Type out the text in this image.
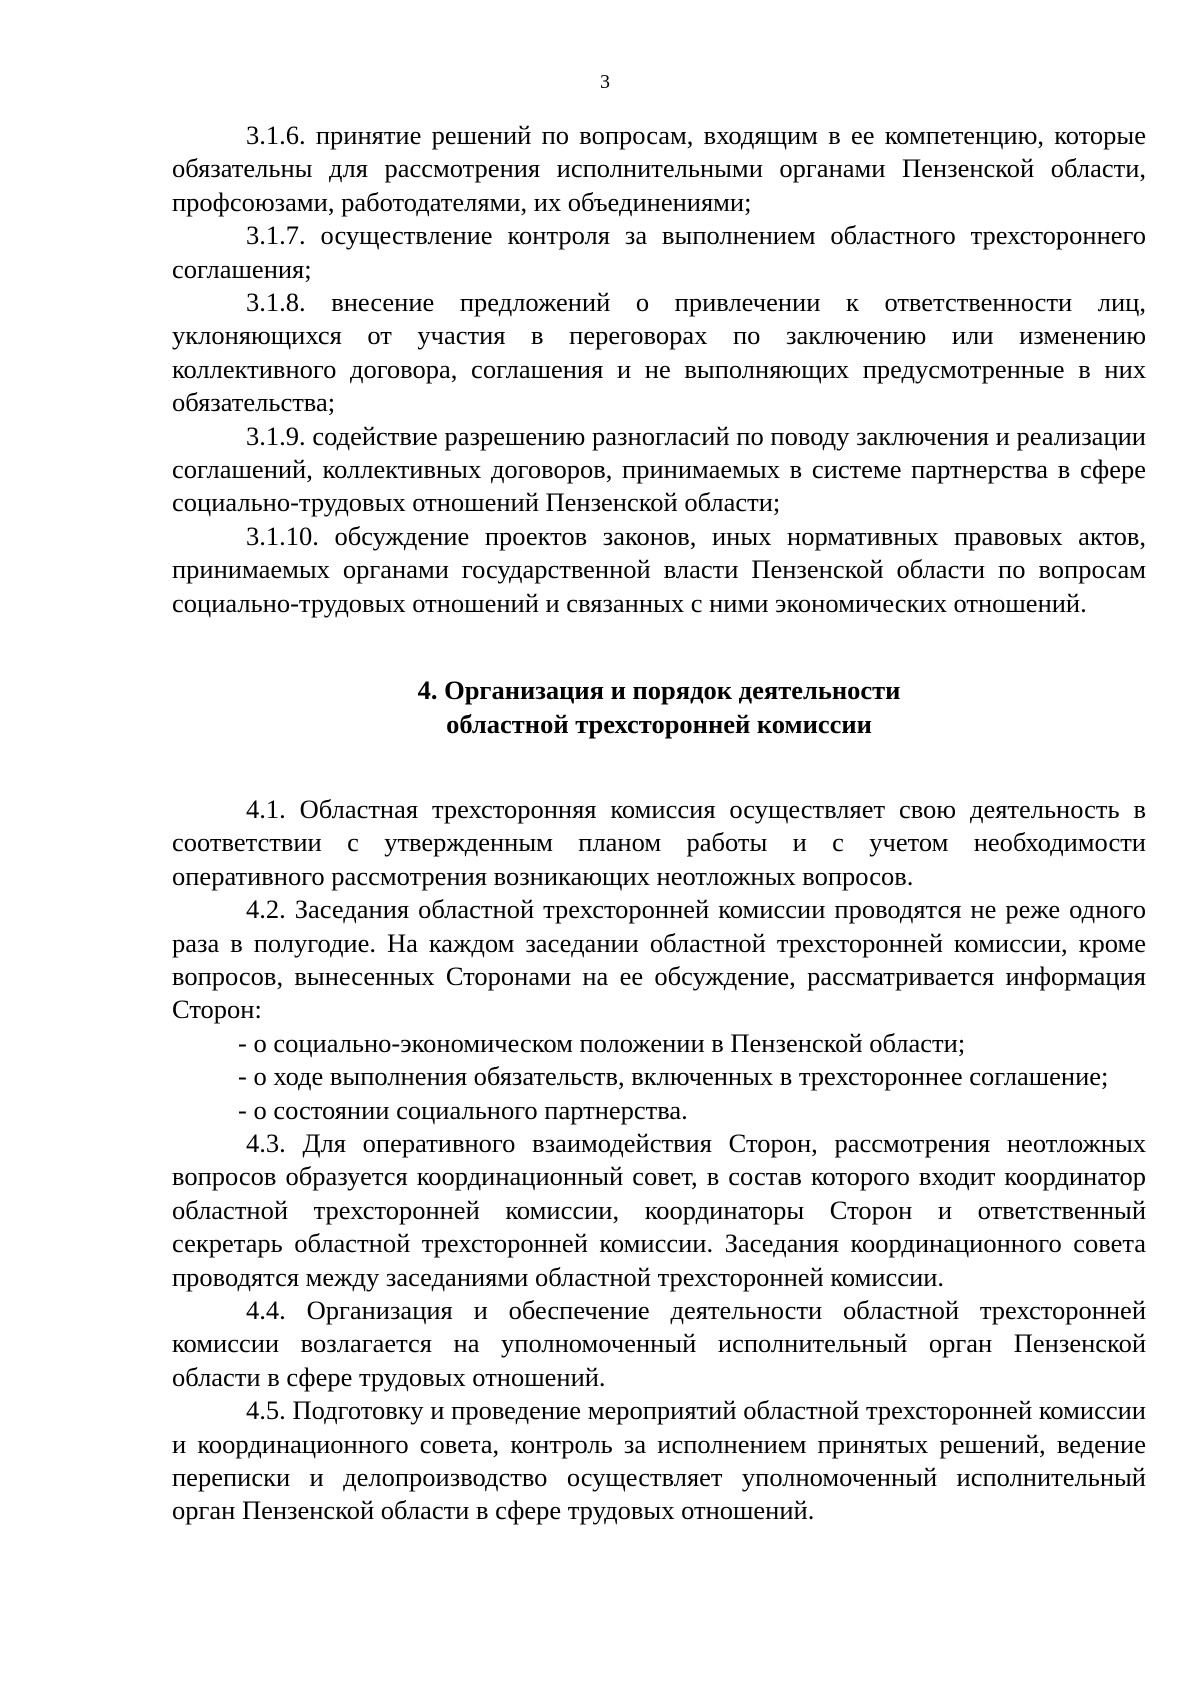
3

3.1.6. принятие решений по вопросам, входящим в ее компетенцию, которые обязательны для рассмотрения исполнительными органами Пензенской области, профсоюзами, работодателями, их объединениями;

3.1.7. осуществление контроля за выполнением областного трехстороннего соглашения;

3.1.8. внесение предложений о привлечении к ответственности лиц, уклоняющихся от участия в переговорах по заключению или изменению коллективного договора, соглашения и не выполняющих предусмотренные в них обязательства;

3.1.9. содействие разрешению разногласий по поводу заключения и реализации соглашений, коллективных договоров, принимаемых в системе партнерства в сфере социально-трудовых отношений Пензенской области;

3.1.10. обсуждение проектов законов, иных нормативных правовых актов, принимаемых органами государственной власти Пензенской области по вопросам социально-трудовых отношений и связанных с ними экономических отношений.

4. Организация и порядок деятельности
областной трехсторонней комиссии

4.1. Областная трехсторонняя комиссия осуществляет свою деятельность в соответствии с утвержденным планом работы и с учетом необходимости оперативного рассмотрения возникающих неотложных вопросов.

4.2. Заседания областной трехсторонней комиссии проводятся не реже одного раза в полугодие. На каждом заседании областной трехсторонней комиссии, кроме вопросов, вынесенных Сторонами на ее обсуждение, рассматривается информация Сторон:

- о социально-экономическом положении в Пензенской области;

- о ходе выполнения обязательств, включенных в трехстороннее соглашение;

- о состоянии социального партнерства.

4.3. Для оперативного взаимодействия Сторон, рассмотрения неотложных вопросов образуется координационный совет, в состав которого входит координатор областной трехсторонней комиссии, координаторы Сторон и ответственный секретарь областной трехсторонней комиссии. Заседания координационного совета проводятся между заседаниями областной трехсторонней комиссии.

4.4. Организация и обеспечение деятельности областной трехсторонней комиссии возлагается на уполномоченный исполнительный орган Пензенской области в сфере трудовых отношений.

4.5. Подготовку и проведение мероприятий областной трехсторонней комиссии и координационного совета, контроль за исполнением принятых решений, ведение переписки и делопроизводство осуществляет уполномоченный исполнительный орган Пензенской области в сфере трудовых отношений.
